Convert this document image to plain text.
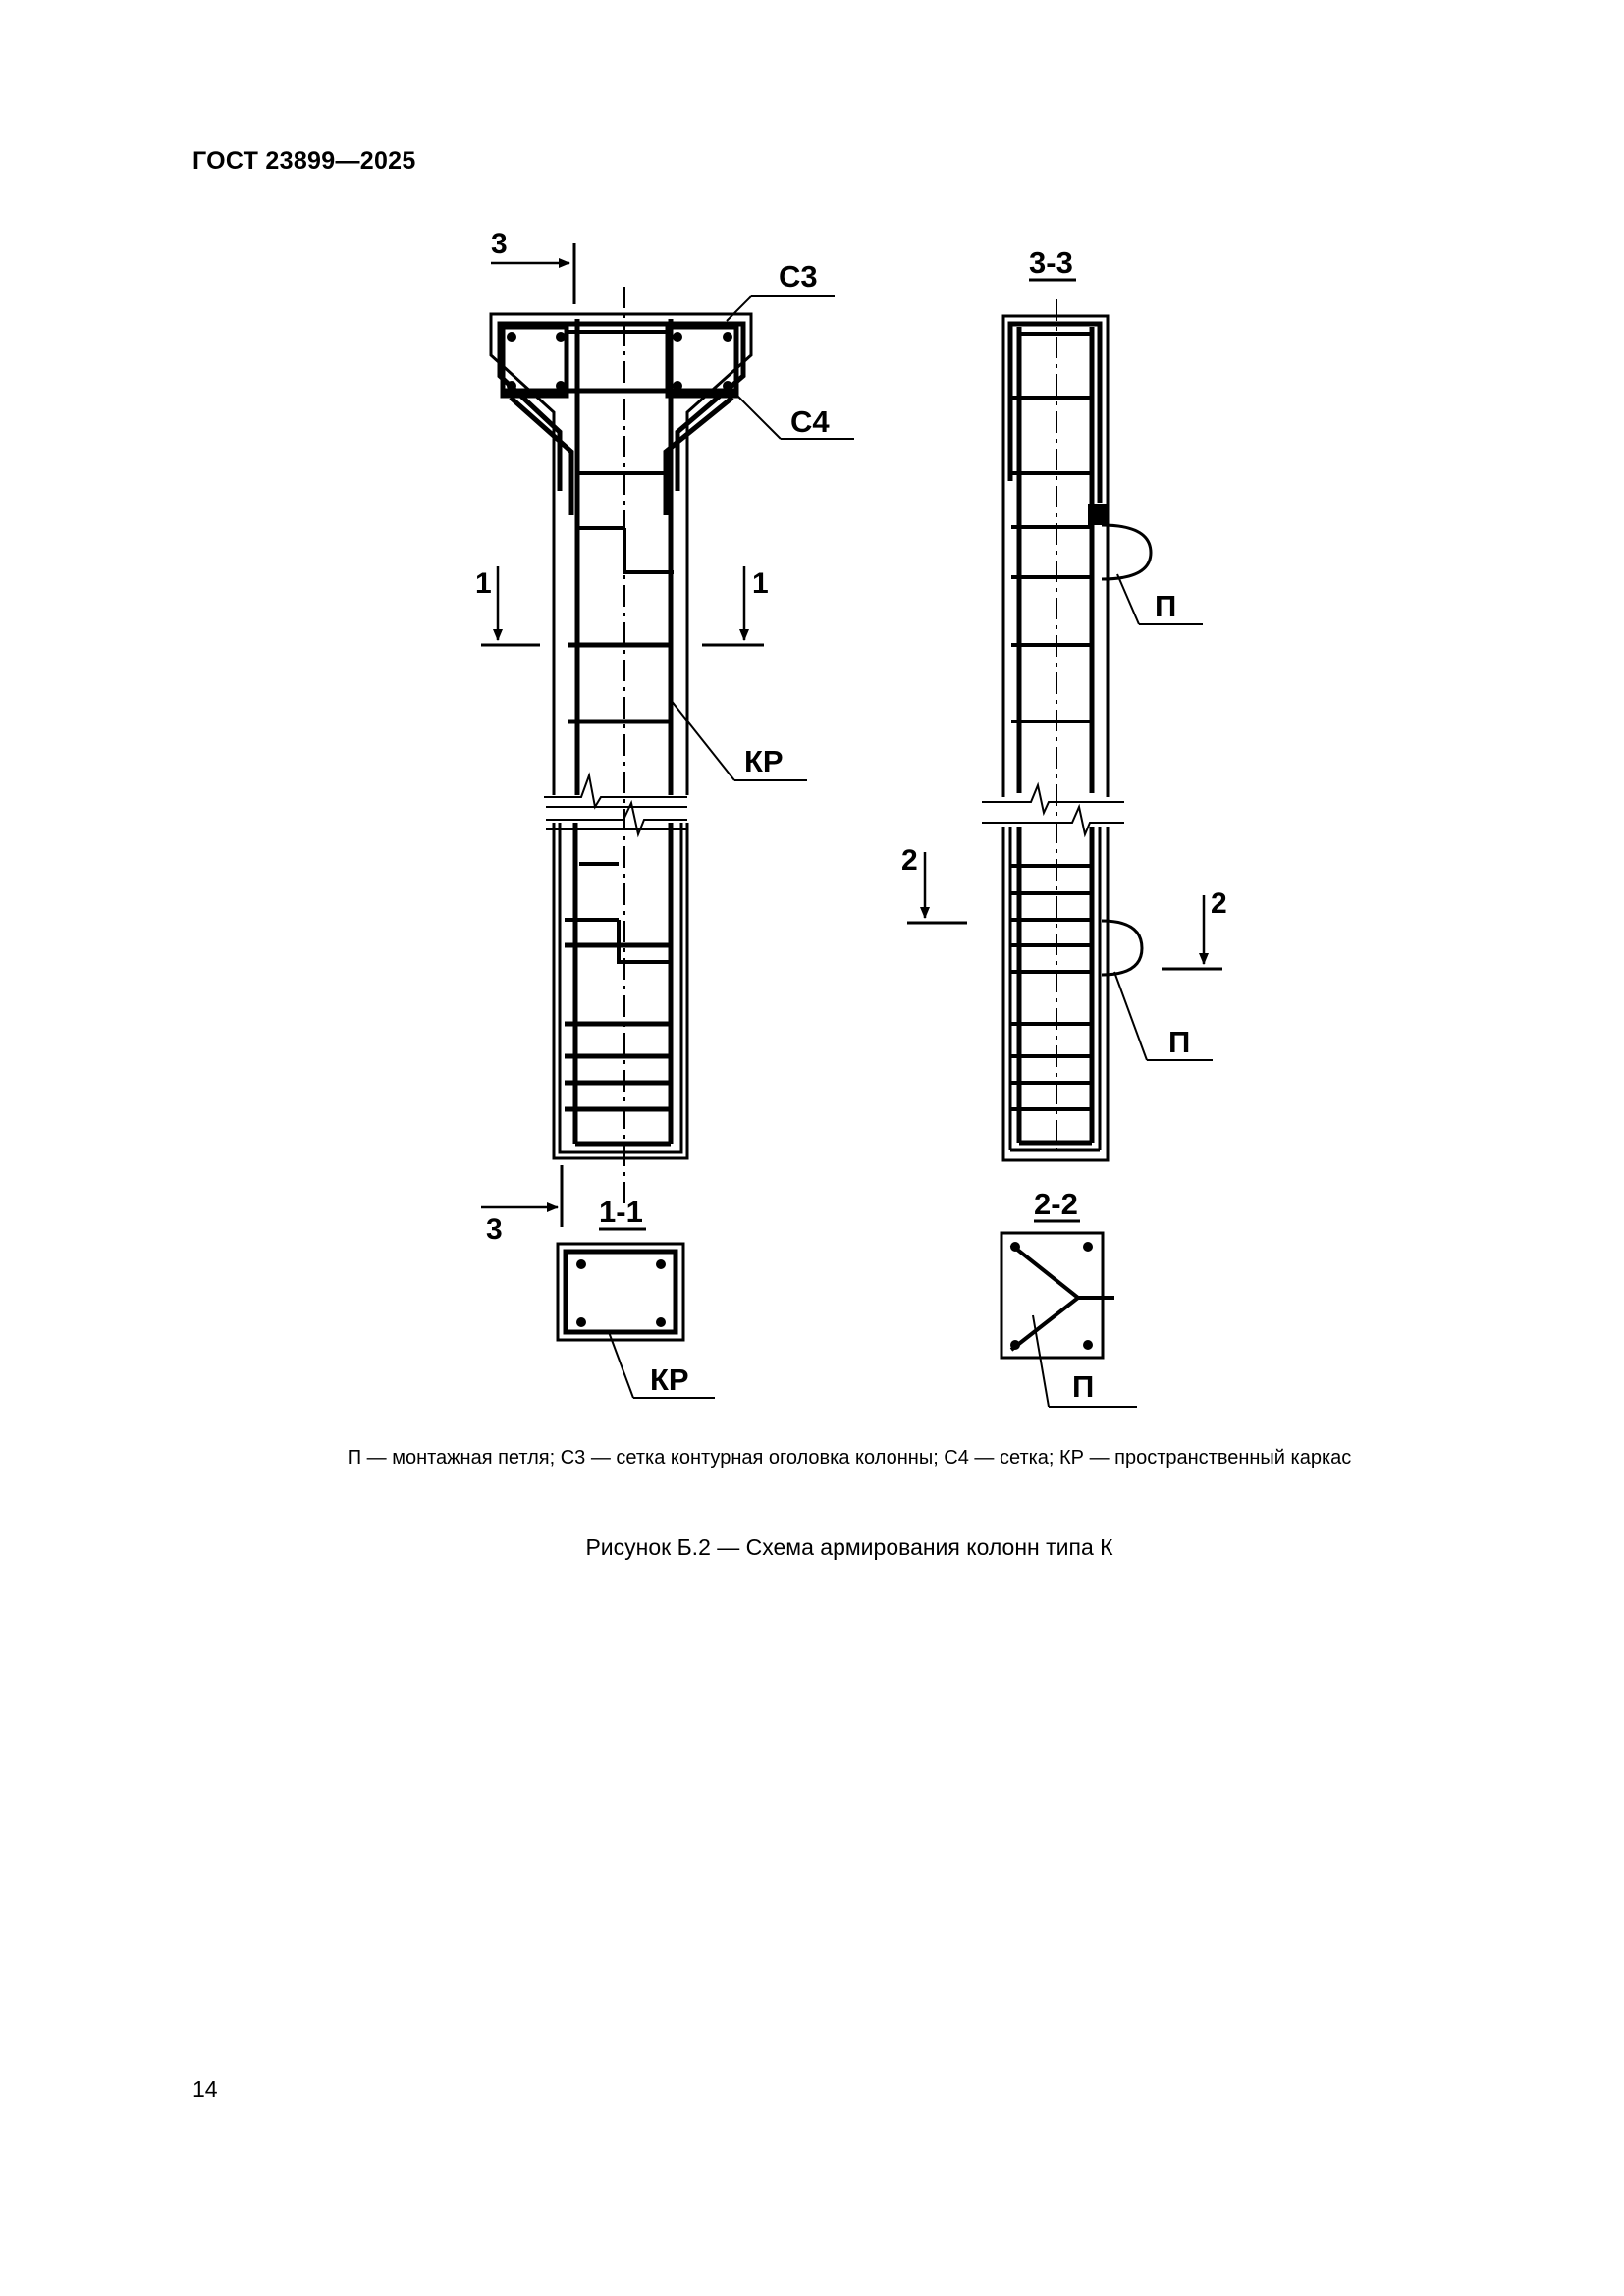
ГОСТ 23899—2025
3
3
1	1
С3
С4
КР
1-1
КР
3-3
П
П
2
2
2-2
П
П — монтажная петля; С3 — сетка контурная оголовка колонны; С4 — сетка; КР — пространственный каркас
Рисунок Б.2 — Схема армирования колонн типа К
14
